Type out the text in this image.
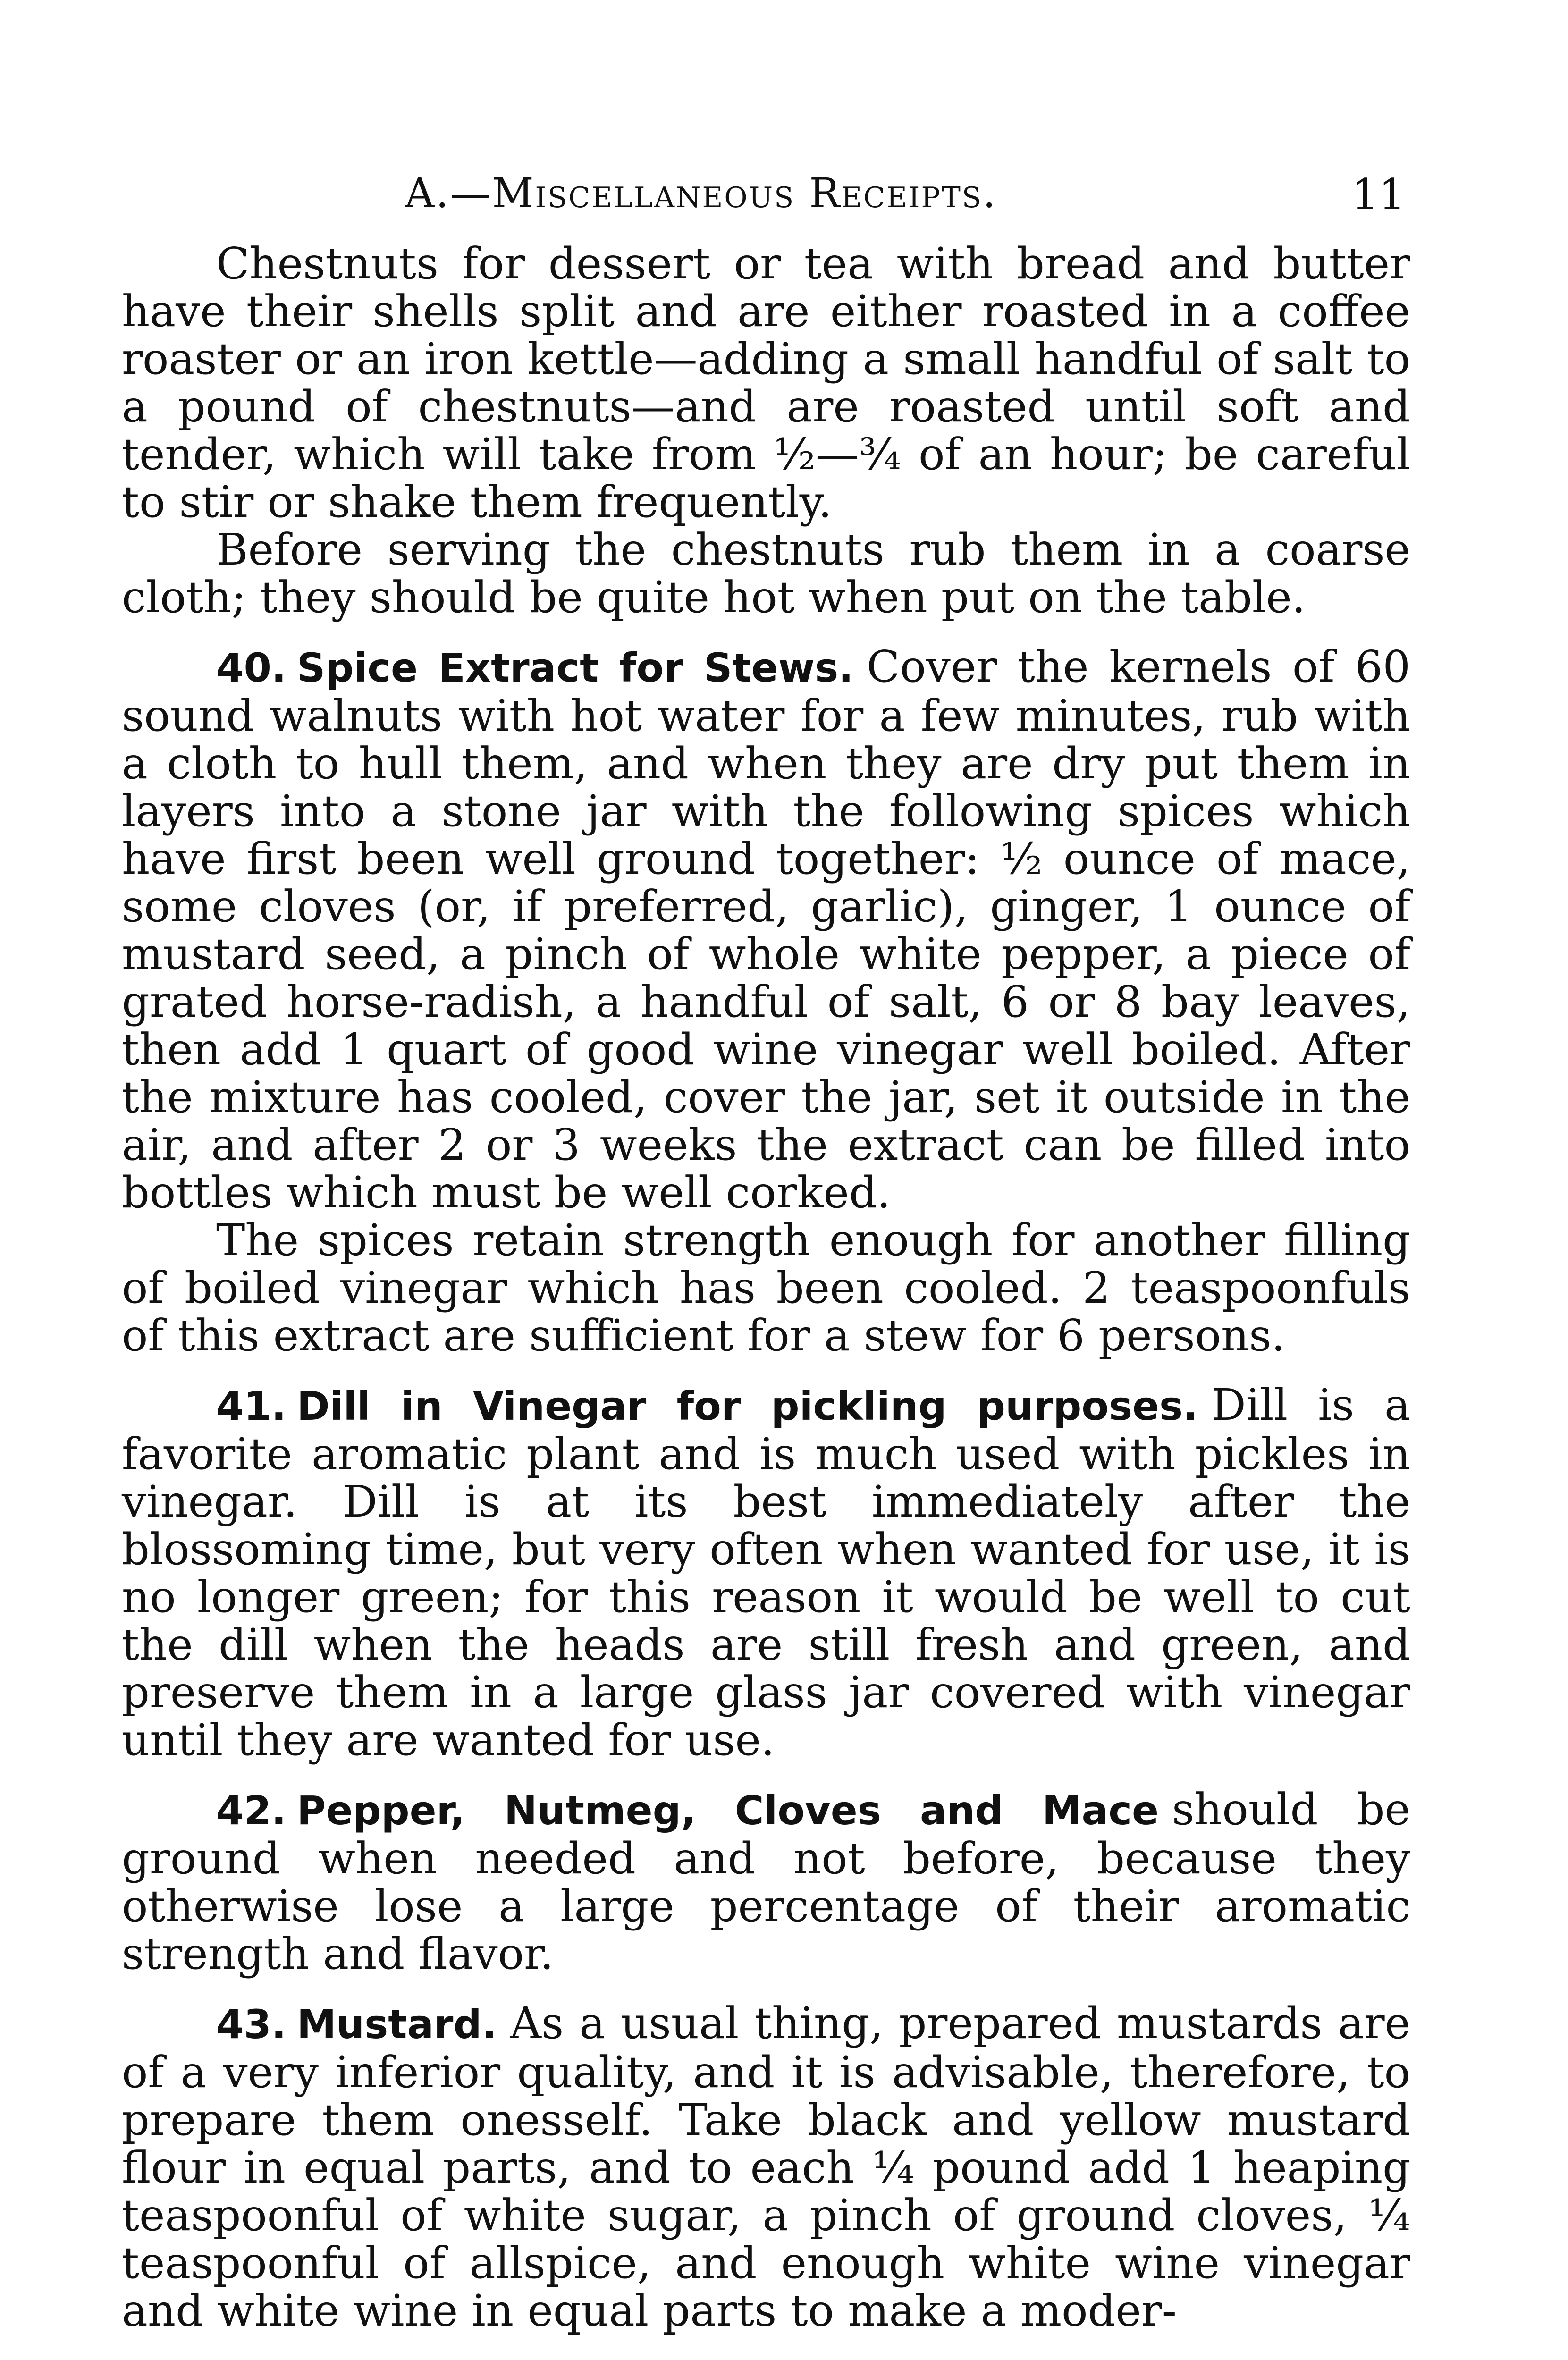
A.—Miscellaneous Receipts.	11

Chestnuts for dessert or tea with bread and butter have their shells split and are either roasted in a coffee roaster or an iron kettle—adding a small handful of salt to a pound of chestnuts—and are roasted until soft and tender, which will take from ½—¾ of an hour; be careful to stir or shake them frequently.

Before serving the chestnuts rub them in a coarse cloth; they should be quite hot when put on the table.

40. Spice Extract for Stews. Cover the kernels of 60 sound walnuts with hot water for a few minutes, rub with a cloth to hull them, and when they are dry put them in layers into a stone jar with the following spices which have first been well ground together: ½ ounce of mace, some cloves (or, if preferred, garlic), ginger, 1 ounce of mustard seed, a pinch of whole white pepper, a piece of grated horse-radish, a handful of salt, 6 or 8 bay leaves, then add 1 quart of good wine vinegar well boiled. After the mixture has cooled, cover the jar, set it outside in the air, and after 2 or 3 weeks the extract can be filled into bottles which must be well corked.

The spices retain strength enough for another filling of boiled vinegar which has been cooled. 2 teaspoonfuls of this extract are sufficient for a stew for 6 persons.

41. Dill in Vinegar for pickling purposes. Dill is a favorite aromatic plant and is much used with pickles in vinegar. Dill is at its best immediately after the blossoming time, but very often when wanted for use, it is no longer green; for this reason it would be well to cut the dill when the heads are still fresh and green, and preserve them in a large glass jar covered with vinegar until they are wanted for use.

42. Pepper, Nutmeg, Cloves and Mace should be ground when needed and not before, because they otherwise lose a large percentage of their aromatic strength and flavor.

43. Mustard. As a usual thing, prepared mustards are of a very inferior quality, and it is advisable, therefore, to prepare them onesself. Take black and yellow mustard flour in equal parts, and to each ¼ pound add 1 heaping teaspoonful of white sugar, a pinch of ground cloves, ¼ teaspoonful of allspice, and enough white wine vinegar and white wine in equal parts to make a moder-
